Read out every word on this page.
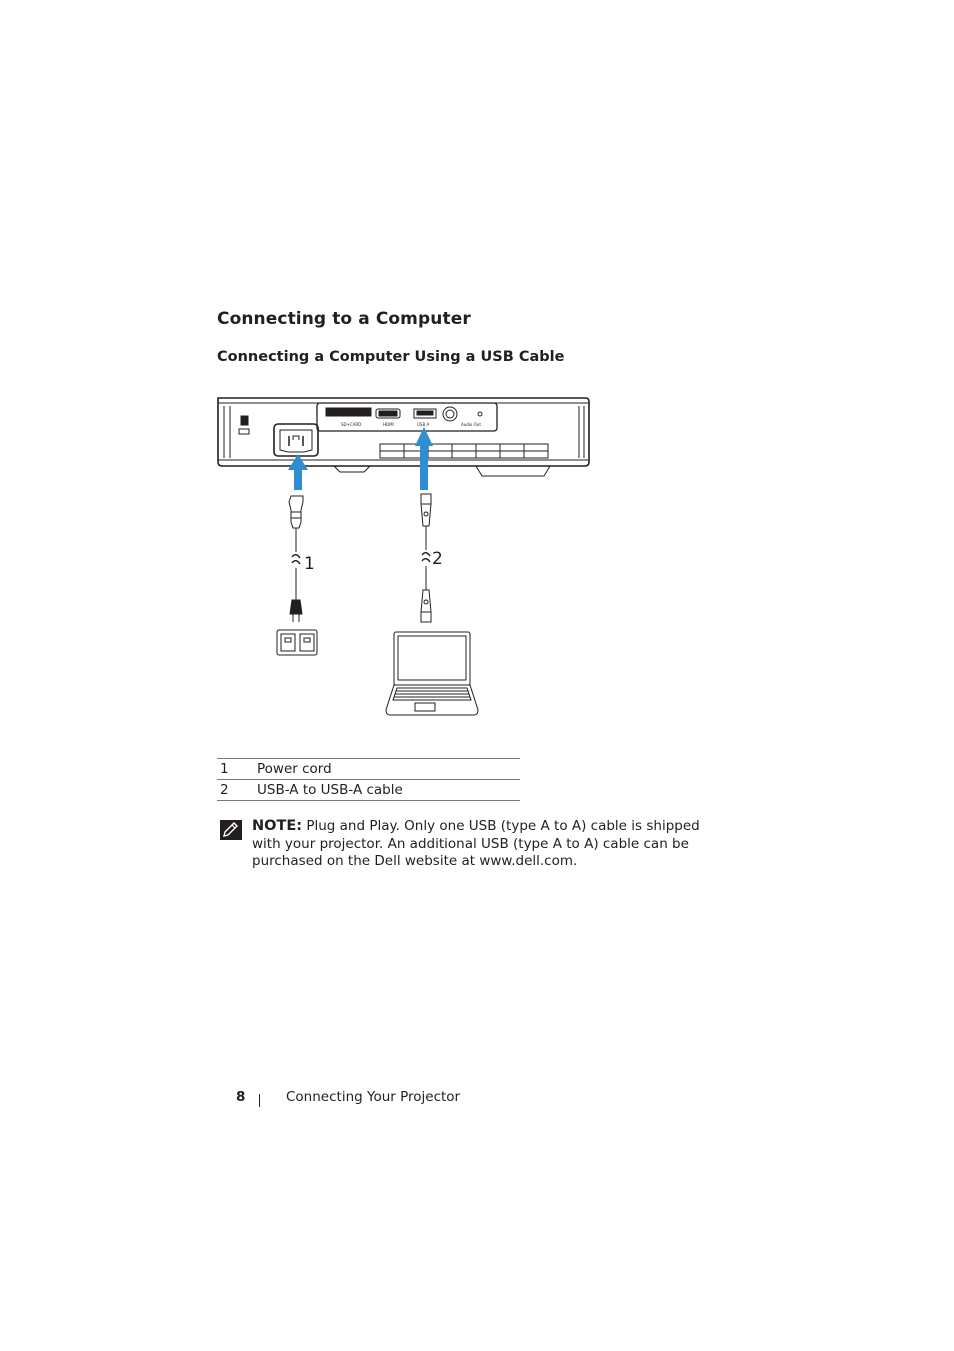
Connecting to a Computer
Connecting a Computer Using a USB Cable
SD+CARD	HDMI	USB A	Audio Out
1	2
1	Power cord
2	USB-A to USB-A cable
NOTE: Plug and Play. Only one USB (type A to A) cable is shipped with your projector. An additional USB (type A to A) cable can be purchased on the Dell website at www.dell.com.
8	Connecting Your Projector
